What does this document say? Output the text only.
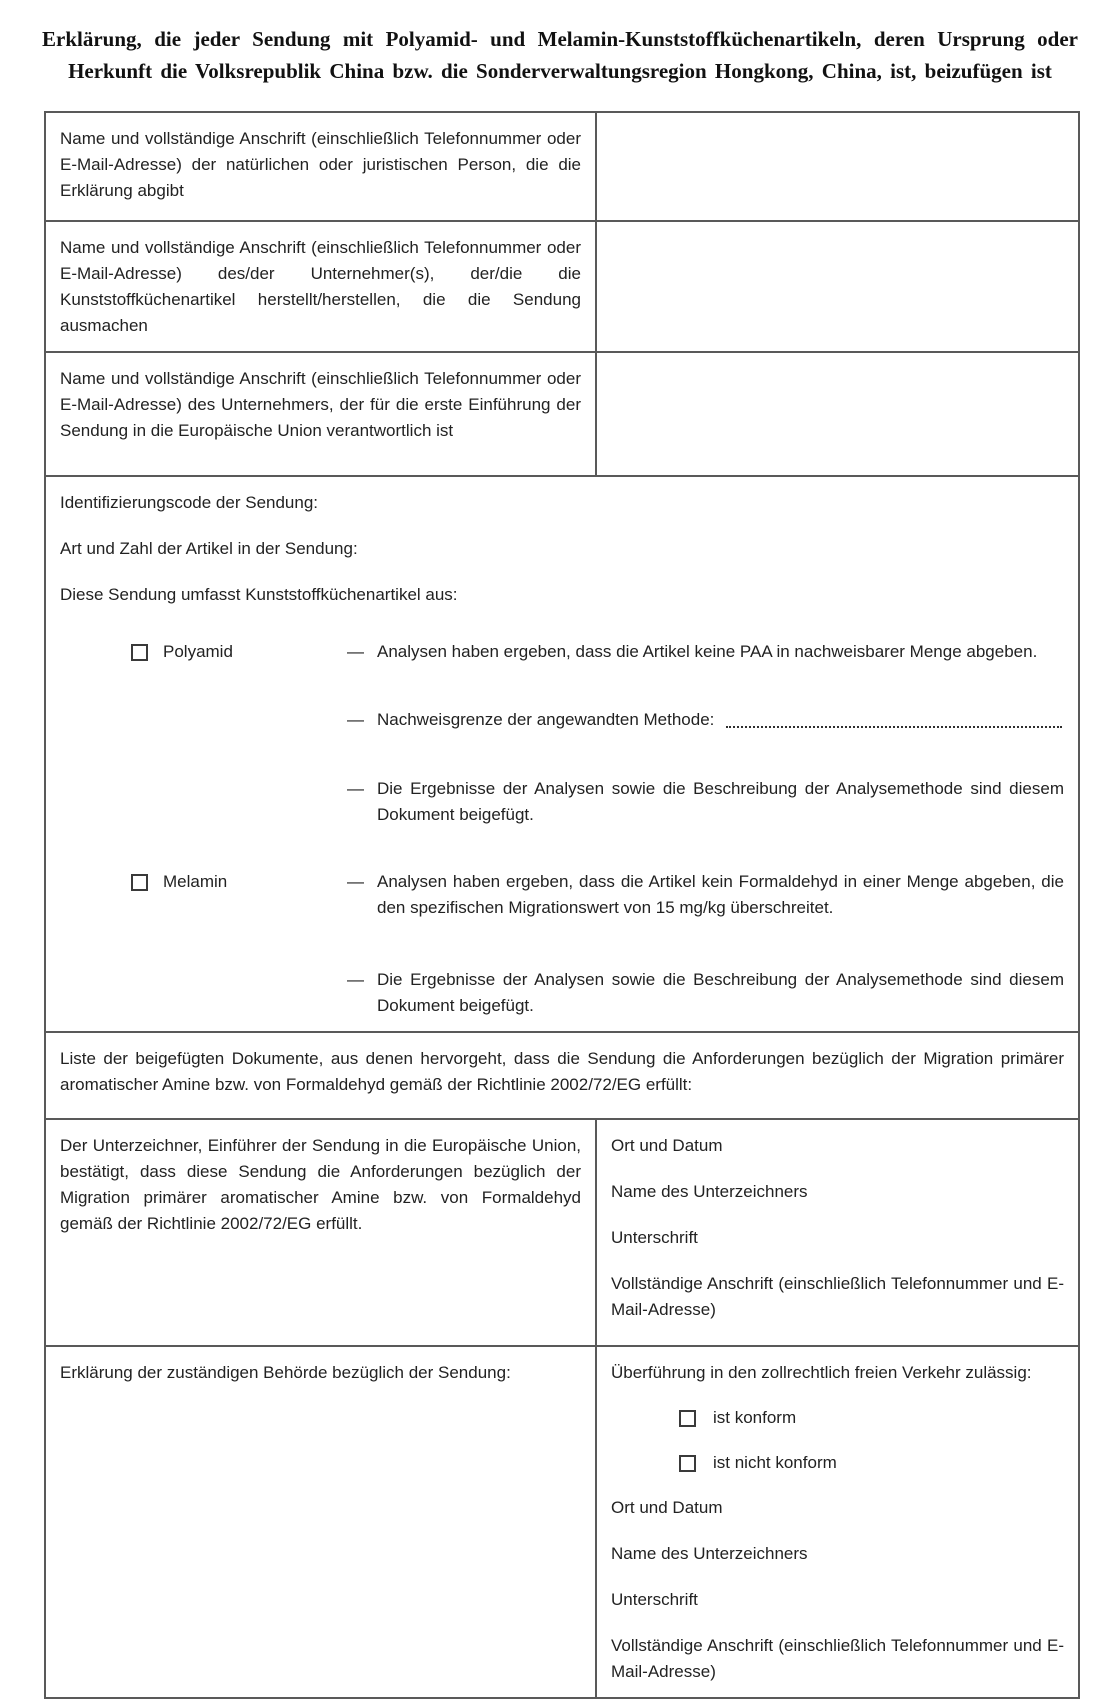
Erklärung, die jeder Sendung mit Polyamid- und Melamin-Kunststoffküchenartikeln, deren Ursprung oder Herkunft die Volksrepublik China bzw. die Sonderverwaltungsregion Hongkong, China, ist, beizufügen ist
Name und vollständige Anschrift (einschließlich Telefonnummer oder E-Mail-Adresse) der natürlichen oder juristischen Person, die die Erklärung abgibt
Name und vollständige Anschrift (einschließlich Telefonnummer oder E-Mail-Adresse) des/der Unternehmer(s), der/die die Kunststoffküchenartikel herstellt/herstellen, die die Sendung ausmachen
Name und vollständige Anschrift (einschließlich Telefonnummer oder E-Mail-Adresse) des Unternehmers, der für die erste Einführung der Sendung in die Europäische Union verantwortlich ist
Identifizierungscode der Sendung:
Art und Zahl der Artikel in der Sendung:
Diese Sendung umfasst Kunststoffküchenartikel aus:
Polyamid	— Analysen haben ergeben, dass die Artikel keine PAA in nachweisbarer Menge abgeben.
— Nachweisgrenze der angewandten Methode:
— Die Ergebnisse der Analysen sowie die Beschreibung der Analysemethode sind diesem Dokument beigefügt.
Melamin	— Analysen haben ergeben, dass die Artikel kein Formaldehyd in einer Menge abgeben, die den spezifischen Migrationswert von 15 mg/kg überschreitet.
— Die Ergebnisse der Analysen sowie die Beschreibung der Analysemethode sind diesem Dokument beigefügt.
Liste der beigefügten Dokumente, aus denen hervorgeht, dass die Sendung die Anforderungen bezüglich der Migration primärer aromatischer Amine bzw. von Formaldehyd gemäß der Richtlinie 2002/72/EG erfüllt:
Der Unterzeichner, Einführer der Sendung in die Europäische Union, bestätigt, dass diese Sendung die Anforderungen bezüglich der Migration primärer aromatischer Amine bzw. von Formaldehyd gemäß der Richtlinie 2002/72/EG erfüllt.
Ort und Datum
Name des Unterzeichners
Unterschrift
Vollständige Anschrift (einschließlich Telefonnummer und E-Mail-Adresse)
Erklärung der zuständigen Behörde bezüglich der Sendung:	Überführung in den zollrechtlich freien Verkehr zulässig:
ist konform
ist nicht konform
Ort und Datum
Name des Unterzeichners
Unterschrift
Vollständige Anschrift (einschließlich Telefonnummer und E-Mail-Adresse)
